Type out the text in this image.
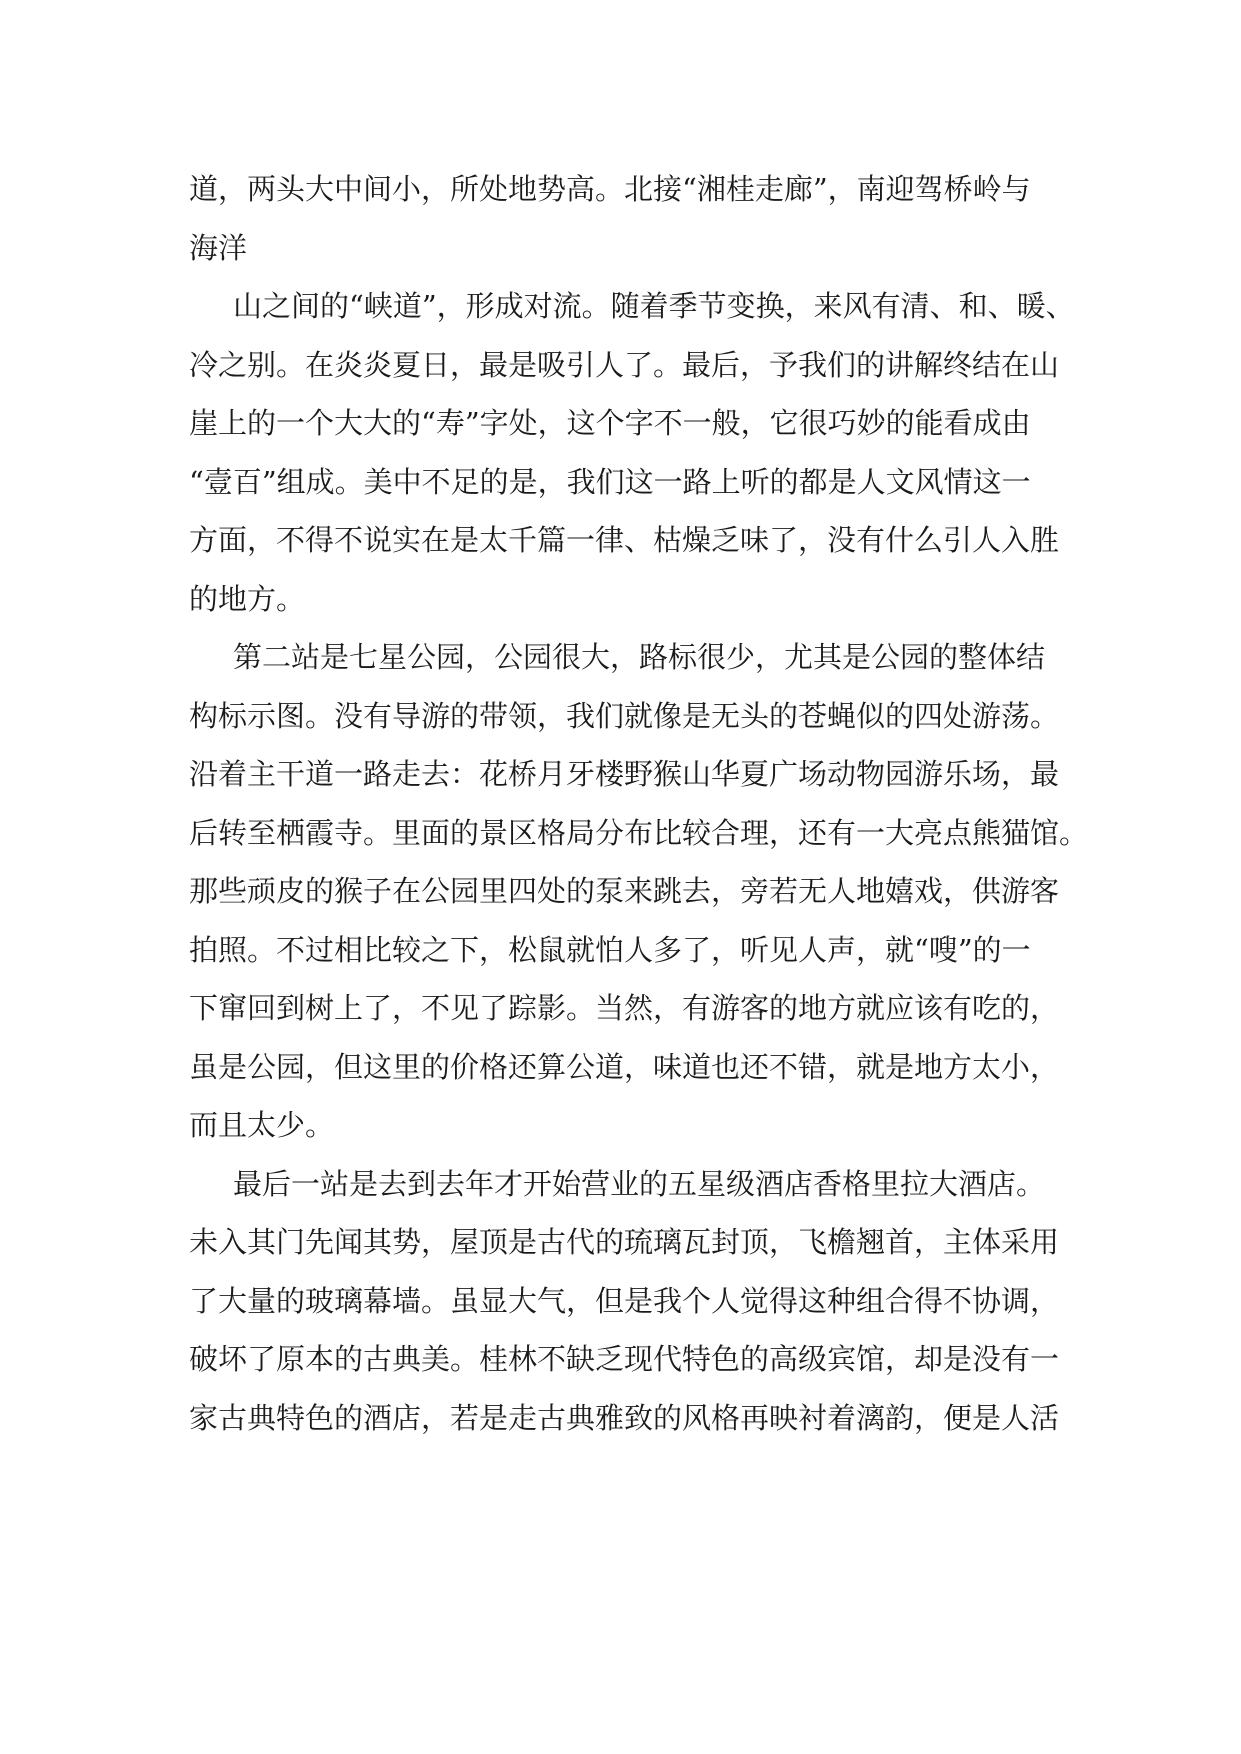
道，两头大中间小，所处地势高。北接“湘桂走廊”，南迎驾桥岭与
海洋
山之间的“峡道”，形成对流。随着季节变换，来风有清、和、暖、
冷之别。在炎炎夏日，最是吸引人了。最后，予我们的讲解终结在山
崖上的一个大大的“寿”字处，这个字不一般，它很巧妙的能看成由
“壹百”组成。美中不足的是，我们这一路上听的都是人文风情这一
方面，不得不说实在是太千篇一律、枯燥乏味了，没有什么引人入胜
的地方。
第二站是七星公园，公园很大，路标很少，尤其是公园的整体结
构标示图。没有导游的带领，我们就像是无头的苍蝇似的四处游荡。
沿着主干道一路走去：花桥月牙楼野猴山华夏广场动物园游乐场，最
后转至栖霞寺。里面的景区格局分布比较合理，还有一大亮点熊猫馆。
那些顽皮的猴子在公园里四处的泵来跳去，旁若无人地嬉戏，供游客
拍照。不过相比较之下，松鼠就怕人多了，听见人声，就“嗖”的一
下窜回到树上了，不见了踪影。当然，有游客的地方就应该有吃的，
虽是公园，但这里的价格还算公道，味道也还不错，就是地方太小，
而且太少。
最后一站是去到去年才开始营业的五星级酒店香格里拉大酒店。
未入其门先闻其势，屋顶是古代的琉璃瓦封顶，飞檐翘首，主体采用
了大量的玻璃幕墙。虽显大气，但是我个人觉得这种组合得不协调，
破坏了原本的古典美。桂林不缺乏现代特色的高级宾馆，却是没有一
家古典特色的酒店，若是走古典雅致的风格再映衬着漓韵，便是人活
